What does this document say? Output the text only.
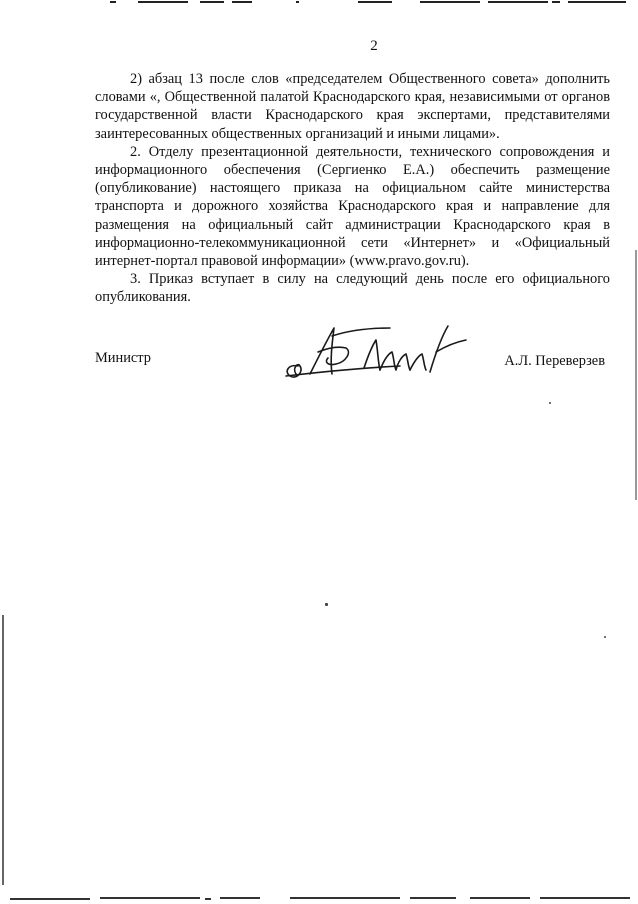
2

2) абзац 13 после слов «председателем Общественного совета» дополнить словами «, Общественной палатой Краснодарского края, независимыми от органов государственной власти Краснодарского края экспертами, представителями заинтересованных общественных организаций и иными лицами».

2. Отделу презентационной деятельности, технического сопровождения и информационного обеспечения (Сергиенко Е.А.) обеспечить размещение (опубликование) настоящего приказа на официальном сайте министерства транспорта и дорожного хозяйства Краснодарского края и направление для размещения на официальный сайт администрации Краснодарского края в информационно-телекоммуникационной сети «Интернет» и «Официальный интернет-портал правовой информации» (www.pravo.gov.ru).

3. Приказ вступает в силу на следующий день после его официального опубликования.

Министр	А.Л. Переверзев
